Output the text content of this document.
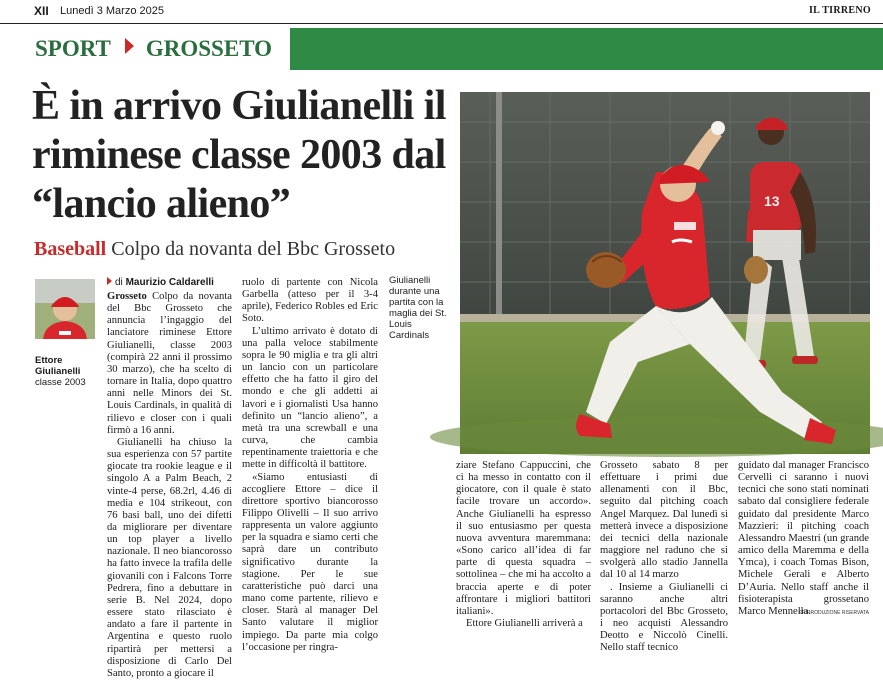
XII Lunedì 3 Marzo 2025	IL TIRRENO
SPORT GROSSETO
È in arrivo Giulianelli il riminese classe 2003 dal “lancio alieno”
Baseball Colpo da novanta del Bbc Grosseto
13
Ettore Giulianelli
classe 2003
di Maurizio Caldarelli

Grosseto Colpo da novanta del Bbc Grosseto che annuncia l’ingaggio del lanciatore riminese Ettore Giulianelli, classe 2003 (compirà 22 anni il prossimo 30 marzo), che ha scelto di tornare in Italia, dopo quattro anni nelle Minors dei St. Louis Cardinals, in qualità di rilievo e closer con i quali firmò a 16 anni.

Giulianelli ha chiuso la sua esperienza con 57 partite giocate tra rookie league e il singolo A a Palm Beach, 2 vinte-4 perse, 68.2rl, 4.46 di media e 104 strikeout, con 76 basi ball, uno dei difetti da migliorare per diventare un top player a livello nazionale. Il neo biancorosso ha fatto invece la trafila delle giovanili con i Falcons Torre Pedrera, fino a debuttare in serie B. Nel 2024, dopo essere stato rilasciato è andato a fare il partente in Argentina e questo ruolo ripartirà per mettersi a disposizione di Carlo Del Santo, pronto a giocare il

ruolo di partente con Nicola Garbella (atteso per il 3-4 aprile), Federico Robles ed Eric Soto.

L’ultimo arrivato è dotato di una palla veloce stabilmente sopra le 90 miglia e tra gli altri un lancio con un particolare effetto che ha fatto il giro del mondo e che gli addetti ai lavori e i giornalisti Usa hanno definito un “lancio alieno”, a metà tra una screwball e una curva, che cambia repentinamente traiettoria e che mette in difficoltà il battitore.

«Siamo entusiasti di accogliere Ettore – dice il direttore sportivo biancorosso Filippo Olivelli – Il suo arrivo rappresenta un valore aggiunto per la squadra e siamo certi che saprà dare un contributo significativo durante la stagione. Per le sue caratteristiche può darci una mano come partente, rilievo e closer. Starà al manager Del Santo valutare il miglior impiego. Da parte mia colgo l’occasione per ringra-

Giulianelli durante una partita con la maglia dei St. Louis Cardinals

ziare Stefano Cappuccini, che ci ha messo in contatto con il giocatore, con il quale è stato facile trovare un accordo». Anche Giulianelli ha espresso il suo entusiasmo per questa nuova avventura maremmana: «Sono carico all’idea di far parte di questa squadra – sottolinea – che mi ha accolto a braccia aperte e di poter affrontare i migliori battitori italiani».

Ettore Giulianelli arriverà a

Grosseto sabato 8 per effettuare i primi due allenamenti con il Bbc, seguito dal pitching coach Angel Marquez. Dal lunedì si metterà invece a disposizione dei tecnici della nazionale maggiore nel raduno che si svolgerà allo stadio Jannella dal 10 al 14 marzo

. Insieme a Giulianelli ci saranno anche altri portacolori del Bbc Grosseto, i neo acquisti Alessandro Deotto e Niccolò Cinelli. Nello staff tecnico

guidato dal manager Francisco Cervelli ci saranno i nuovi tecnici che sono stati nominati sabato dal consigliere federale guidato dal presidente Marco Mazzieri: il pitching coach Alessandro Maestri (un grande amico della Maremma e della Ymca), i coach Tomas Bison, Michele Gerali e Alberto D’Auria. Nello staff anche il fisioterapista grossetano Marco Mennella.

©RIPRODUZIONE RISERVATA
